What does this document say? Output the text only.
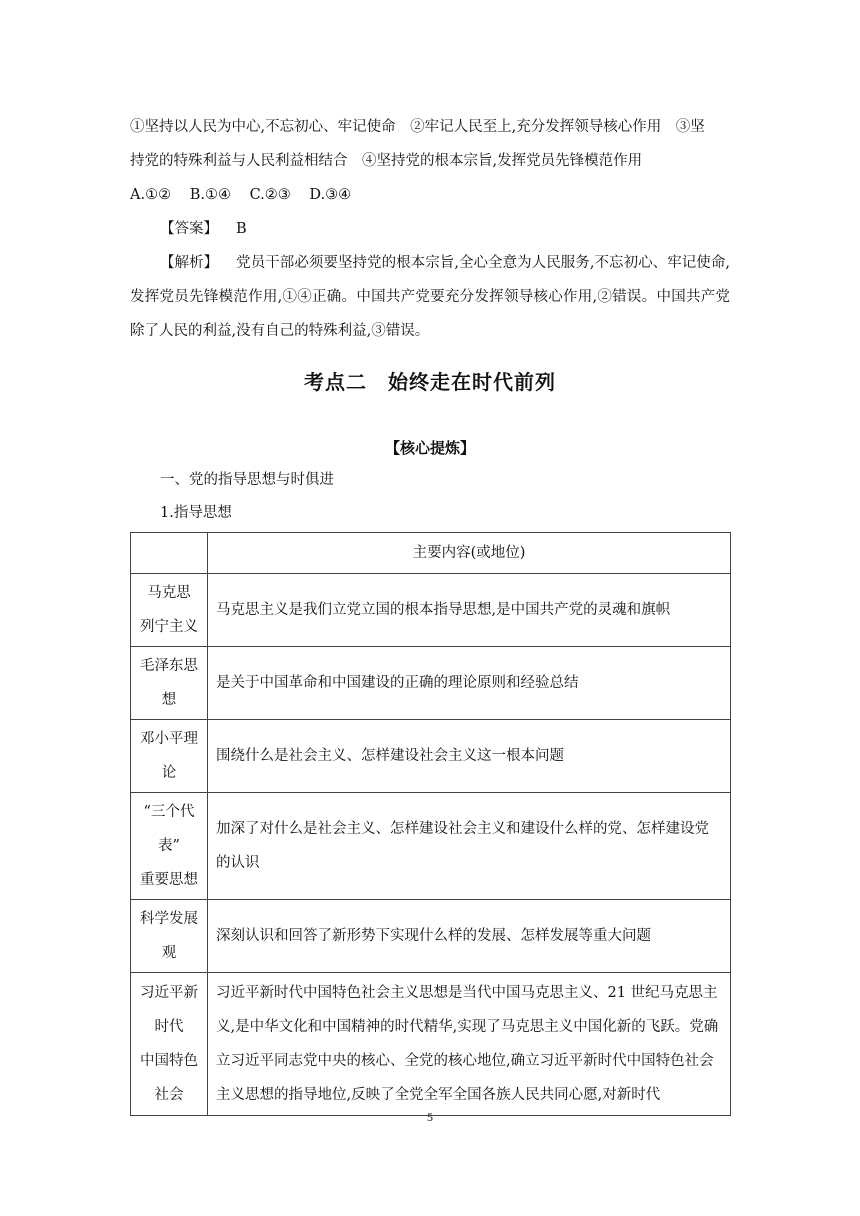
①坚持以人民为中心,不忘初心、牢记使命　②牢记人民至上,充分发挥领导核心作用　③坚

持党的特殊利益与人民利益相结合　④坚持党的根本宗旨,发挥党员先锋模范作用

A.①② B.①④ C.②③ D.③④

【答案】 B

【解析】 党员干部必须要坚持党的根本宗旨,全心全意为人民服务,不忘初心、牢记使命,发挥党员先锋模范作用,①④正确。中国共产党要充分发挥领导核心作用,②错误。中国共产党除了人民的利益,没有自己的特殊利益,③错误。

考点二　始终走在时代前列
【核心提炼】

一、党的指导思想与时俱进

1.指导思想

	主要内容(或地位)

马克思
列宁主义	马克思主义是我们立党立国的根本指导思想,是中国共产党的灵魂和旗帜

毛泽东思
想	是关于中国革命和中国建设的正确的理论原则和经验总结

邓小平理
论	围绕什么是社会主义、怎样建设社会主义这一根本问题

“三个代
表”
重要思想	加深了对什么是社会主义、怎样建设社会主义和建设什么样的党、怎样建设党的认识

科学发展
观	深刻认识和回答了新形势下实现什么样的发展、怎样发展等重大问题

习近平新
时代
中国特色
社会	习近平新时代中国特色社会主义思想是当代中国马克思主义、21 世纪马克思主义,是中华文化和中国精神的时代精华,实现了马克思主义中国化新的飞跃。党确立习近平同志党中央的核心、全党的核心地位,确立习近平新时代中国特色社会主义思想的指导地位,反映了全党全军全国各族人民共同心愿,对新时代
5
